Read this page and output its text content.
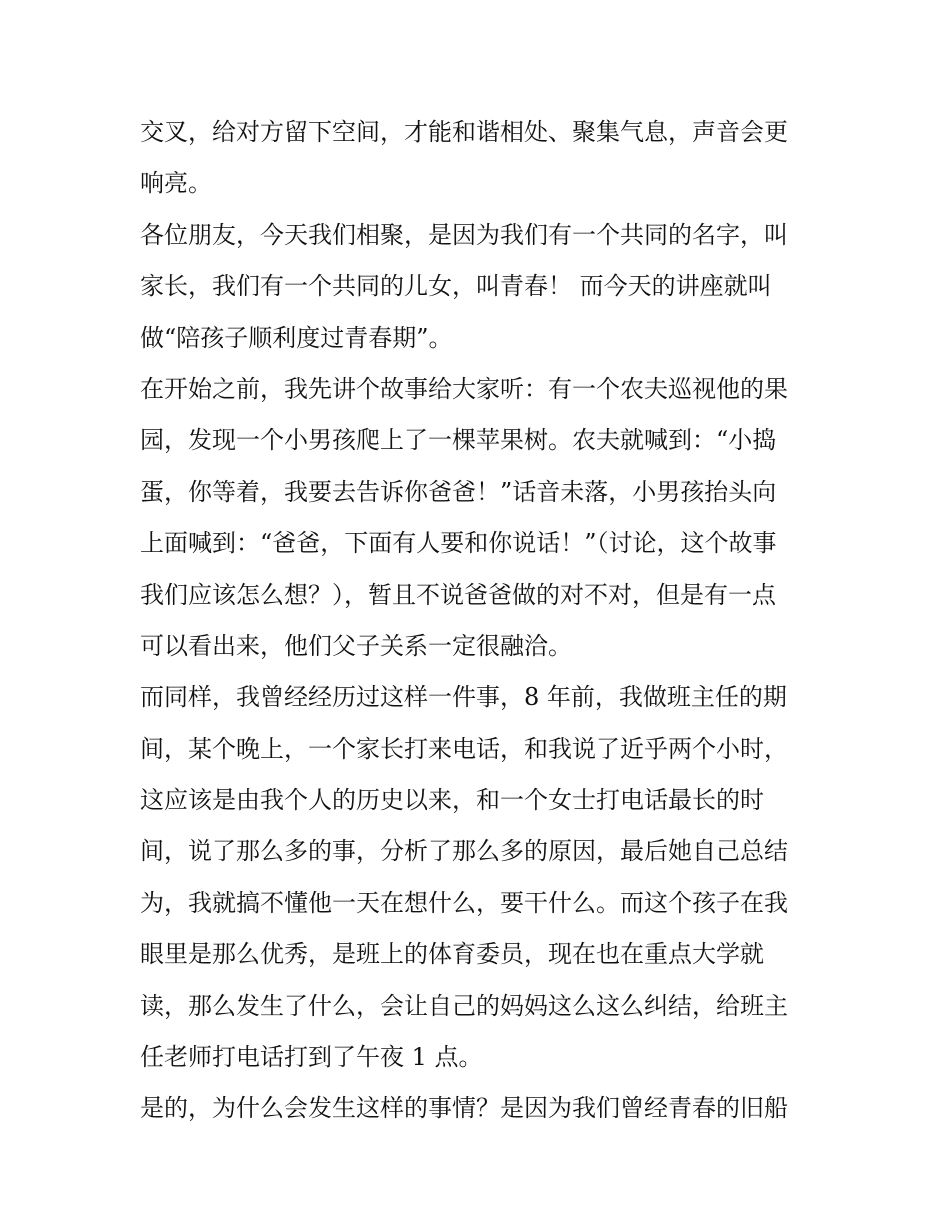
交叉，给对方留下空间，才能和谐相处、聚集气息，声音会更
响亮。
各位朋友，今天我们相聚，是因为我们有一个共同的名字，叫
家长，我们有一个共同的儿女，叫青春！ 而今天的讲座就叫
做“陪孩子顺利度过青春期”。
在开始之前，我先讲个故事给大家听：有一个农夫巡视他的果
园，发现一个小男孩爬上了一棵苹果树。农夫就喊到：“小捣
蛋，你等着，我要去告诉你爸爸！”话音未落，小男孩抬头向
上面喊到：“爸爸，下面有人要和你说话！”（讨论，这个故事
我们应该怎么想？），暂且不说爸爸做的对不对，但是有一点
可以看出来，他们父子关系一定很融洽。
而同样，我曾经经历过这样一件事，8 年前，我做班主任的期
间，某个晚上，一个家长打来电话，和我说了近乎两个小时，
这应该是由我个人的历史以来，和一个女士打电话最长的时
间，说了那么多的事，分析了那么多的原因，最后她自己总结
为，我就搞不懂他一天在想什么，要干什么。而这个孩子在我
眼里是那么优秀，是班上的体育委员，现在也在重点大学就
读，那么发生了什么，会让自己的妈妈这么这么纠结，给班主
任老师打电话打到了午夜 1 点。
是的，为什么会发生这样的事情？是因为我们曾经青春的旧船
